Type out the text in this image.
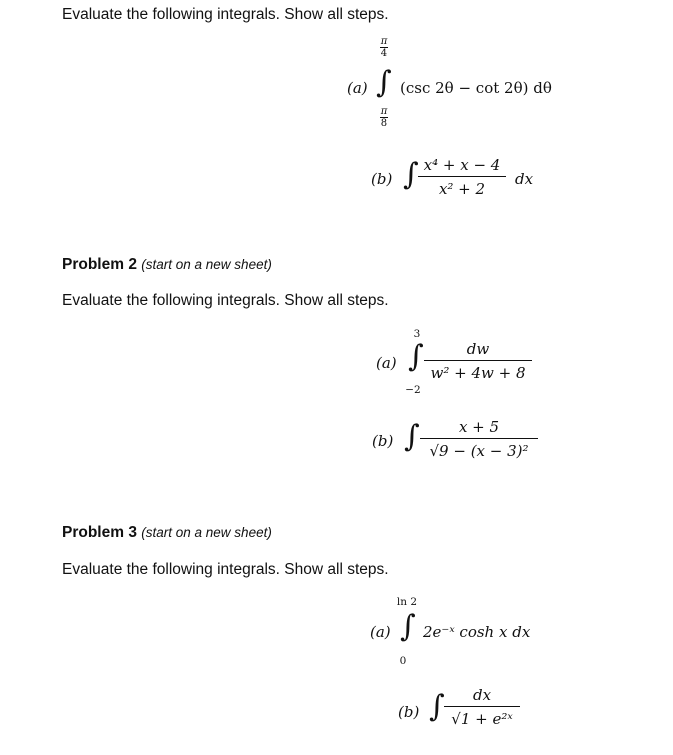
Evaluate the following integrals. Show all steps.
(a)
$\frac{\pi}{4}$
∫
$\frac{\pi}{8}$
(csc 2θ − cot 2θ) dθ
(b) ∫ x⁴ + x − 4
x² + 2
dx
Problem 2 (start on a new sheet)
Evaluate the following integrals. Show all steps.
(a)
3
∫
−2
dw
w² + 4w + 8
(b) ∫	x + 5
√9 − (x − 3)²
Problem 3 (start on a new sheet)
Evaluate the following integrals. Show all steps.
ln 2
(a) ∫
0
2e⁻ˣ cosh x dx
(b) ∫	dx
√1 + e²ˣ
